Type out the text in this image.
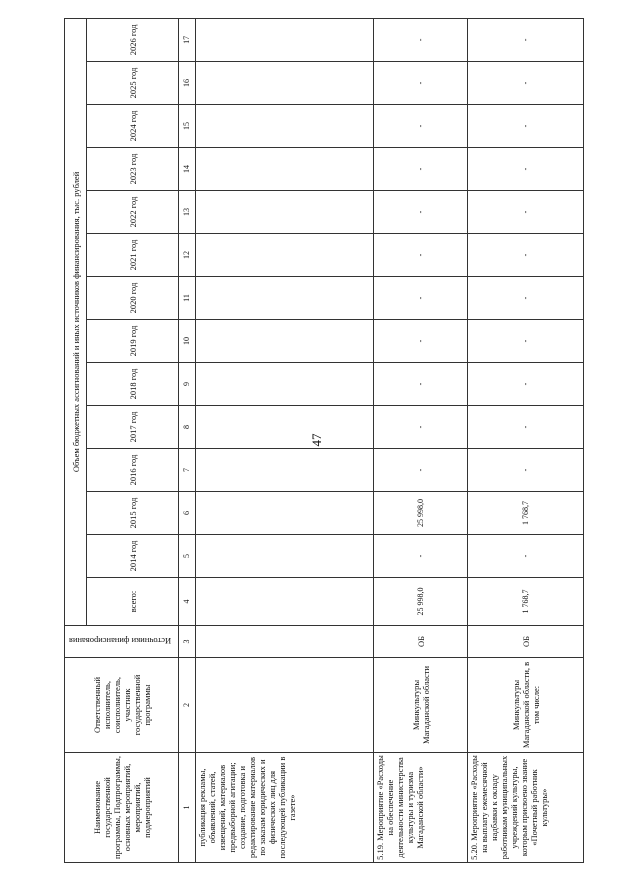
47
Наименование государственной программы, Подпрограммы, основных мероприятий, мероприятий, подмероприятий	Ответственный исполнитель, соисполнитель, участник государственной программы	Источники финансирования	Объем бюджетных ассигнований и иных источников финансирования, тыс. рублей													
			всего:	2014 год	2015 год	2016 год	2017 год	2018 год	2019 год	2020 год	2021 год	2022 год	2023 год	2024 год	2025 год	2026 год
1	2	3	4	5	6	7	8	9	10	11	12	13	14	15	16	17
публикация рекламы, объявлений, статей, извещений, материалов предвыборной агитации; создание, подготовка и редактирование материалов по заказам юридических и физических лиц для последующей публикации в газете»																
5.19. Мероприятие «Расходы на обеспечение деятельности министерства культуры и туризма Магаданской области»	Минкультуры Магаданской области	ОБ	25 998,0	-	25 998,0	-	-	-	-	-	-	-	-	-	-	-
5.20. Мероприятие «Расходы на выплату ежемесячной надбавки к окладу работникам муниципальных учреждений культуры, которым присвоено звание «Почетный работник культуры»	Минкультуры Магаданской области, в том числе:	ОБ	1 768,7	-	1 768,7	-	-	-	-	-	-	-	-	-	-	-
